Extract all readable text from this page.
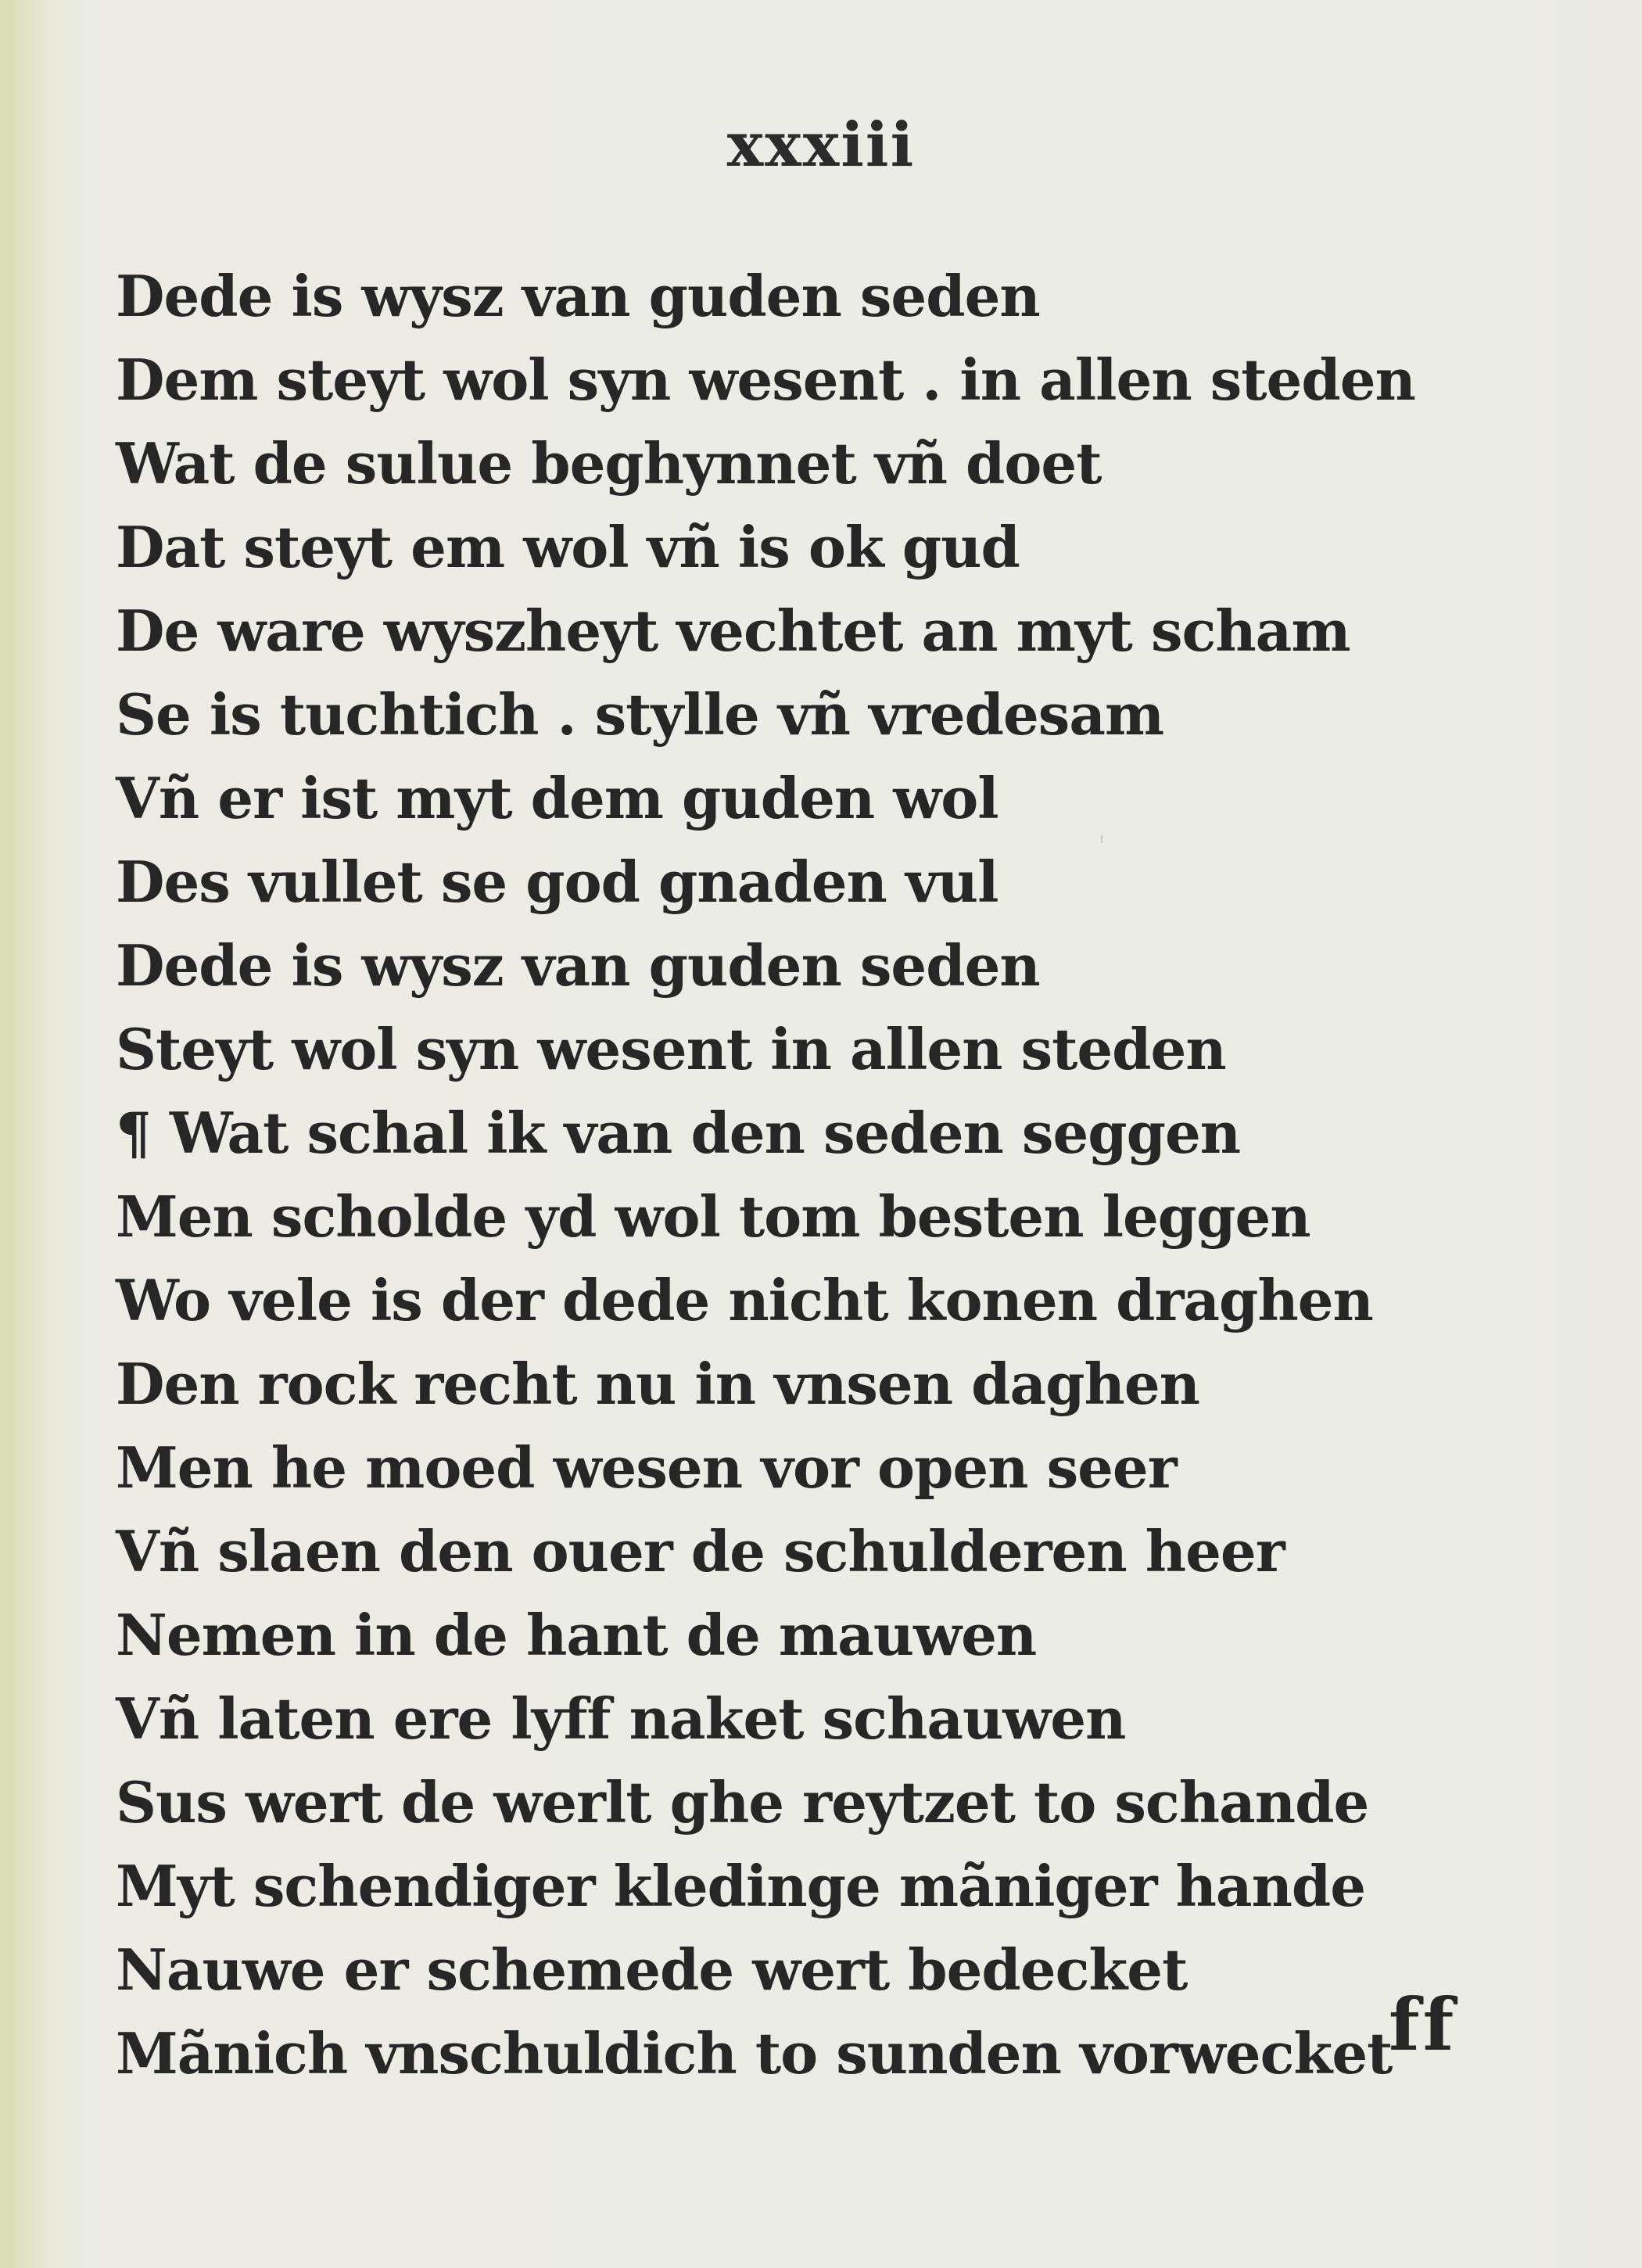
xxxiii
Dede is wysz van guden seden
Dem steyt wol syn wesent . in allen steden
Wat de sulue beghynnet vñ doet
Dat steyt em wol vñ is ok gud
De ware wyszheyt vechtet an myt scham
Se is tuchtich . stylle vñ vredesam
Vñ er ist myt dem guden wol
Des vullet se god gnaden vul
Dede is wysz van guden seden
Steyt wol syn wesent in allen steden
¶ Wat schal ik van den seden seggen
Men scholde yd wol tom besten leggen
Wo vele is der dede nicht konen draghen
Den rock recht nu in vnsen daghen
Men he moed wesen vor open seer
Vñ slaen den ouer de schulderen heer
Nemen in de hant de mauwen
Vñ laten ere lyff naket schauwen
Sus wert de werlt ghe reytzet to schande
Myt schendiger kledinge mãniger hande
Nauwe er schemede wert bedecket
Mãnich vnschuldich to sunden vorwecket
ff
